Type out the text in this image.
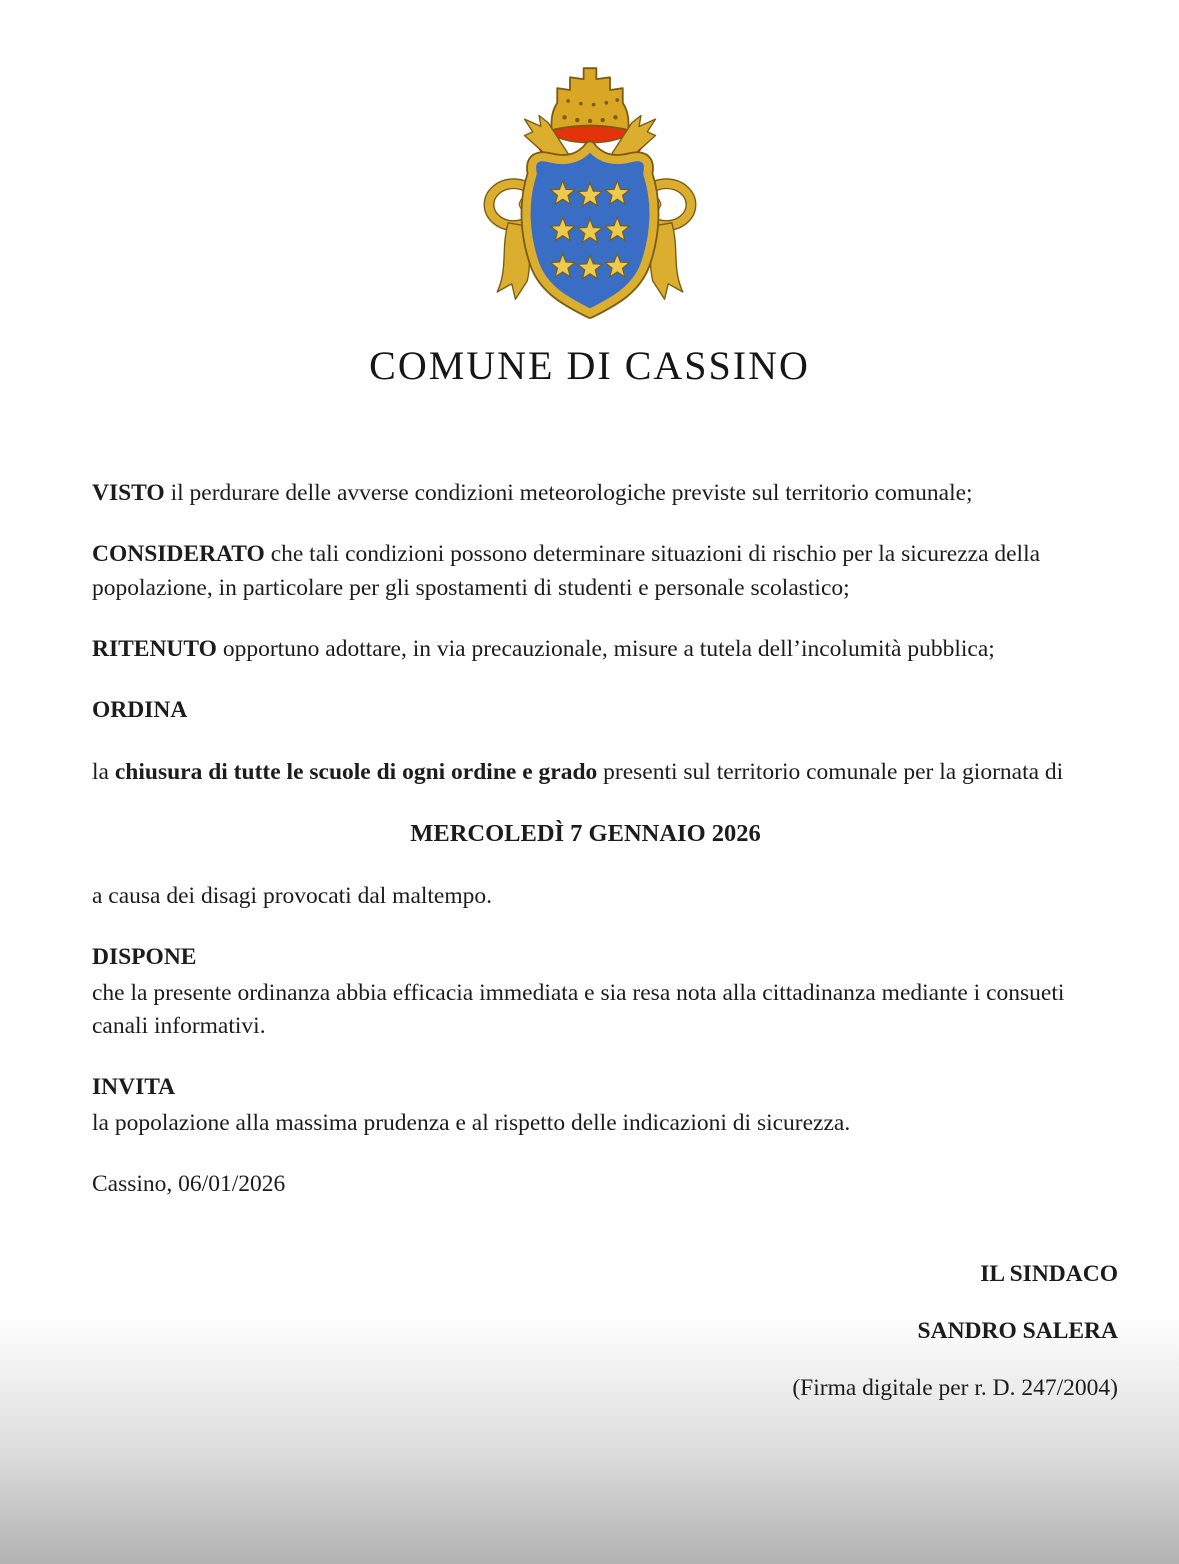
COMUNE DI CASSINO

VISTO il perdurare delle avverse condizioni meteorologiche previste sul territorio comunale;

CONSIDERATO che tali condizioni possono determinare situazioni di rischio per la sicurezza della popolazione, in particolare per gli spostamenti di studenti e personale scolastico;

RITENUTO opportuno adottare, in via precauzionale, misure a tutela dell’incolumità pubblica;

ORDINA

la chiusura di tutte le scuole di ogni ordine e grado presenti sul territorio comunale per la giornata di

MERCOLEDÌ 7 GENNAIO 2026

a causa dei disagi provocati dal maltempo.

DISPONE

che la presente ordinanza abbia efficacia immediata e sia resa nota alla cittadinanza mediante i consueti canali informativi.

INVITA

la popolazione alla massima prudenza e al rispetto delle indicazioni di sicurezza.

Cassino, 06/01/2026

IL SINDACO
SANDRO SALERA
(Firma digitale per r. D. 247/2004)
